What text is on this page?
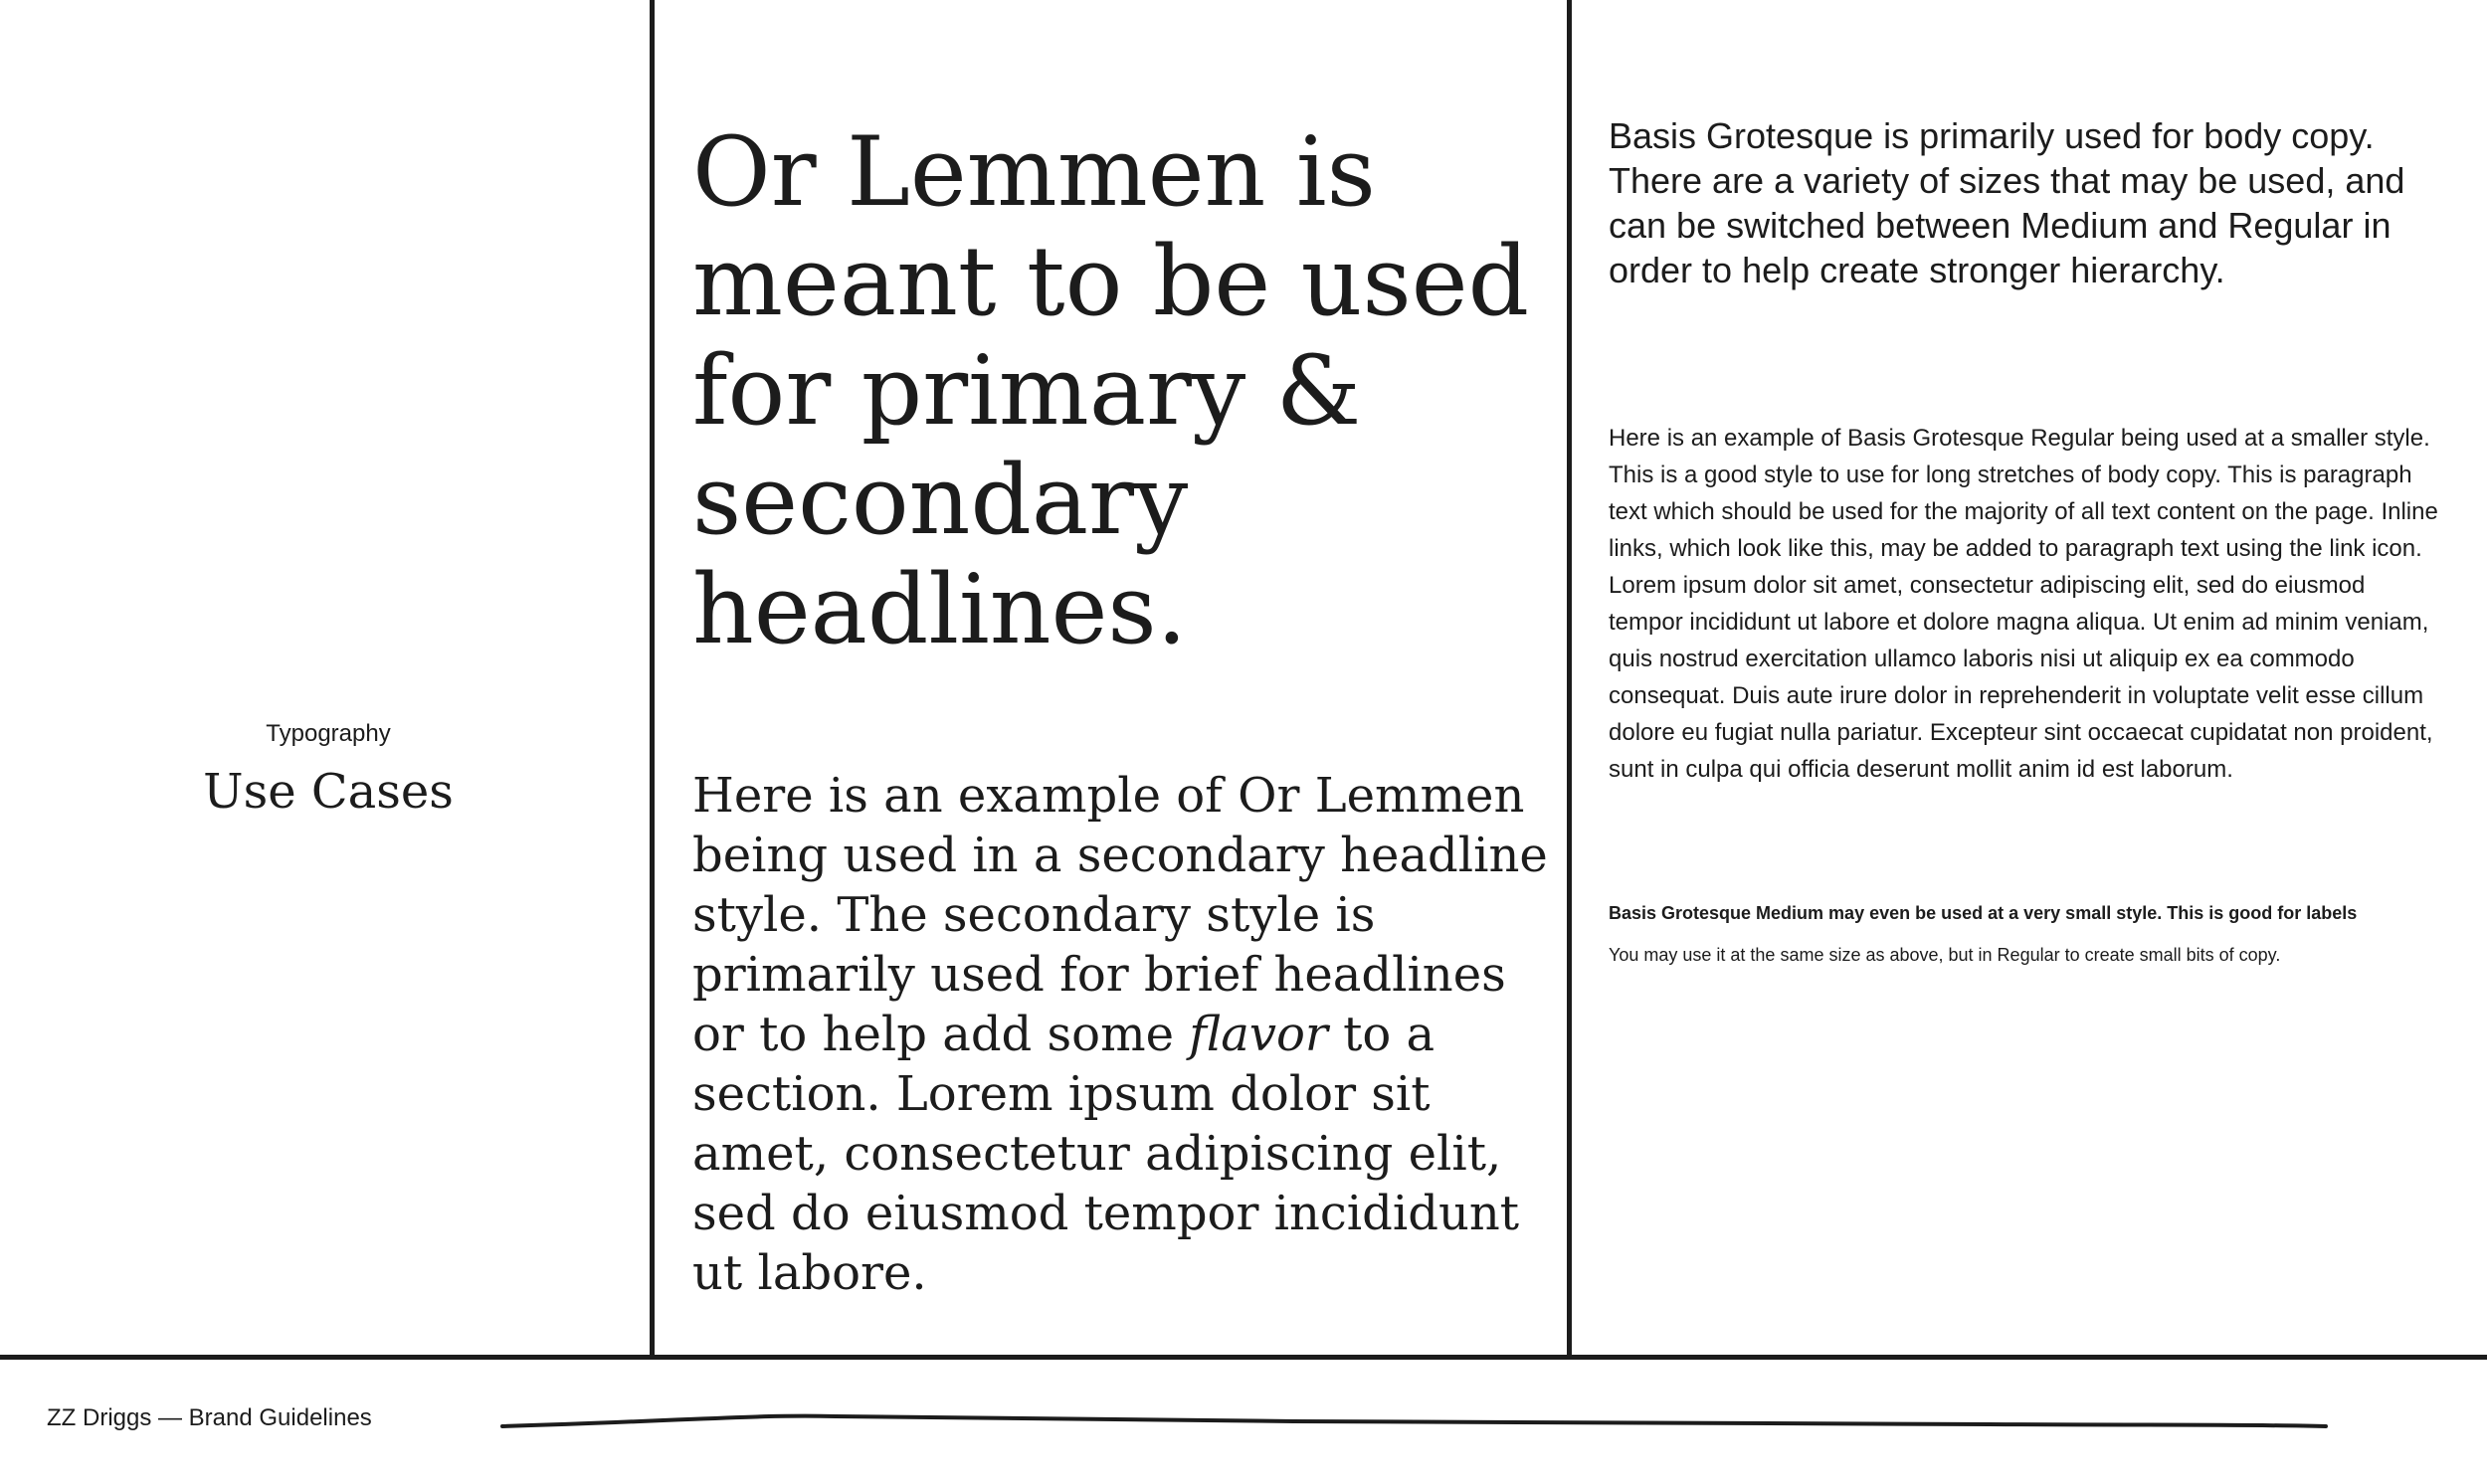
Typography
Use Cases
Or Lemmen is meant to be used for primary & secondary headlines.

Here is an example of Or Lemmen being used in a secondary headline style. The secondary style is primarily used for brief headlines or to help add some flavor to a section. Lorem ipsum dolor sit amet, consectetur adipiscing elit, sed do eiusmod tempor incididunt ut labore.

Basis Grotesque is primarily used for body copy. There are a variety of sizes that may be used, and can be switched between Medium and Regular in order to help create stronger hierarchy.

Here is an example of Basis Grotesque Regular being used at a smaller style. This is a good style to use for long stretches of body copy. This is paragraph text which should be used for the majority of all text content on the page. Inline links, which look like this, may be added to paragraph text using the link icon. Lorem ipsum dolor sit amet, consectetur adipiscing elit, sed do eiusmod tempor incididunt ut labore et dolore magna aliqua. Ut enim ad minim veniam, quis nostrud exercitation ullamco laboris nisi ut aliquip ex ea commodo consequat. Duis aute irure dolor in reprehenderit in voluptate velit esse cillum dolore eu fugiat nulla pariatur. Excepteur sint occaecat cupidatat non proident, sunt in culpa qui officia deserunt mollit anim id est laborum.

Basis Grotesque Medium may even be used at a very small style. This is good for labels

You may use it at the same size as above, but in Regular to create small bits of copy.

ZZ Driggs — Brand Guidelines
